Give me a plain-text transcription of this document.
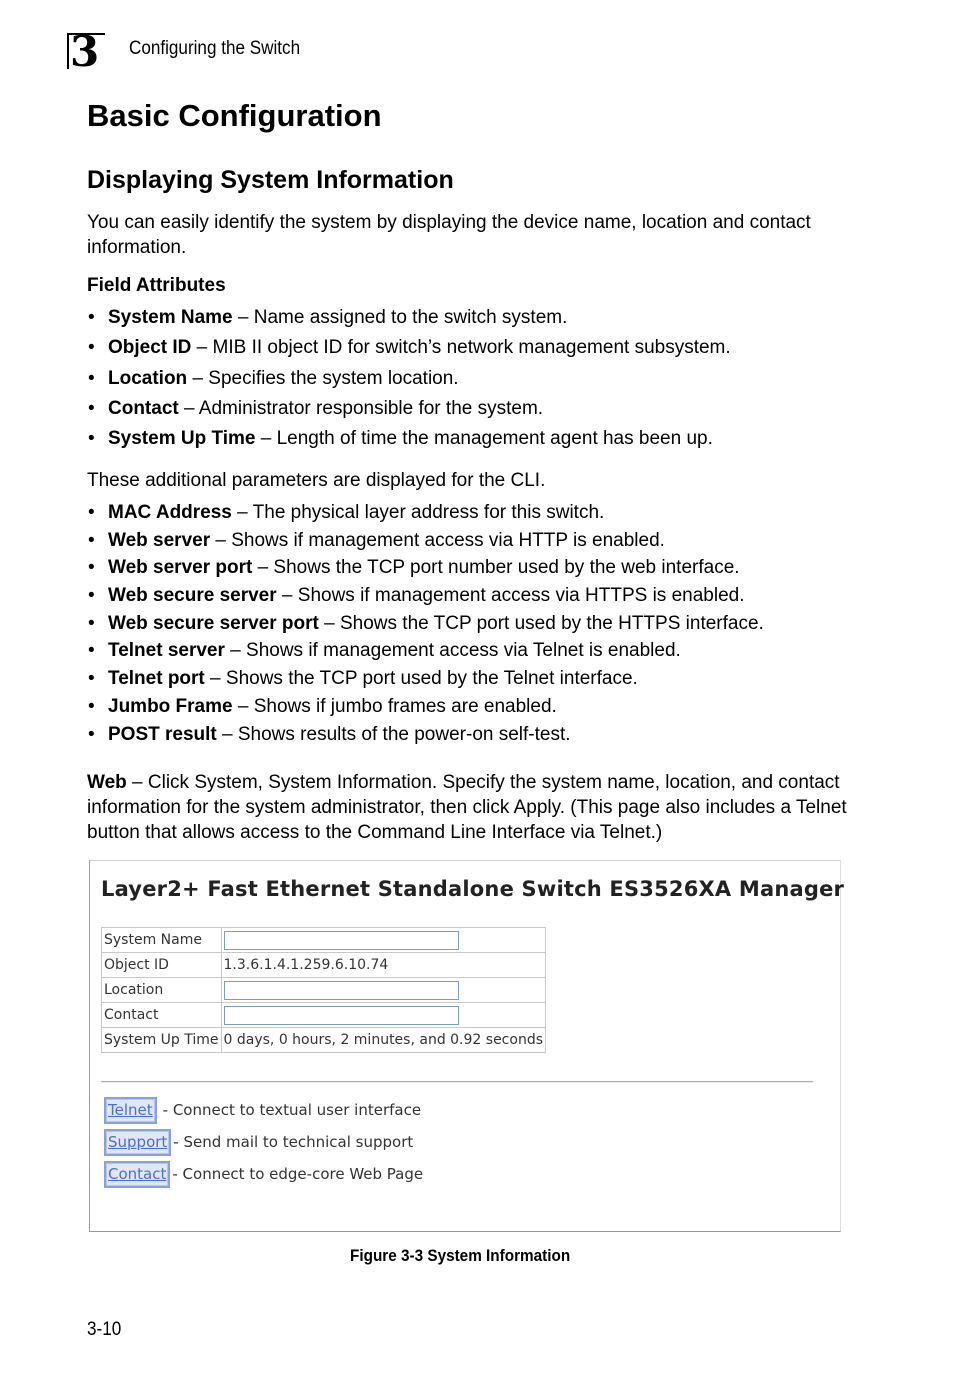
3 Configuring the Switch
Basic Configuration
Displaying System Information

You can easily identify the system by displaying the device name, location and contact information.

Field Attributes
• System Name – Name assigned to the switch system.
• Object ID – MIB II object ID for switch’s network management subsystem.
• Location – Specifies the system location.
• Contact – Administrator responsible for the system.
• System Up Time – Length of time the management agent has been up.

These additional parameters are displayed for the CLI.

• MAC Address – The physical layer address for this switch.
• Web server – Shows if management access via HTTP is enabled.
• Web server port – Shows the TCP port number used by the web interface.
• Web secure server – Shows if management access via HTTPS is enabled.
• Web secure server port – Shows the TCP port used by the HTTPS interface.
• Telnet server – Shows if management access via Telnet is enabled.
• Telnet port – Shows the TCP port used by the Telnet interface.
• Jumbo Frame – Shows if jumbo frames are enabled.
• POST result – Shows results of the power-on self-test.

Web – Click System, System Information. Specify the system name, location, and contact information for the system administrator, then click Apply. (This page also includes a Telnet button that allows access to the Command Line Interface via Telnet.)

Layer2+ Fast Ethernet Standalone Switch ES3526XA Manager
System Name	
Object ID	1.3.6.1.4.1.259.6.10.74
Location	
Contact	
System Up Time	0 days, 0 hours, 2 minutes, and 0.92 seconds
Telnet - Connect to textual user interface
Support - Send mail to technical support
Contact - Connect to edge-core Web Page
Figure 3-3 System Information
3-10
